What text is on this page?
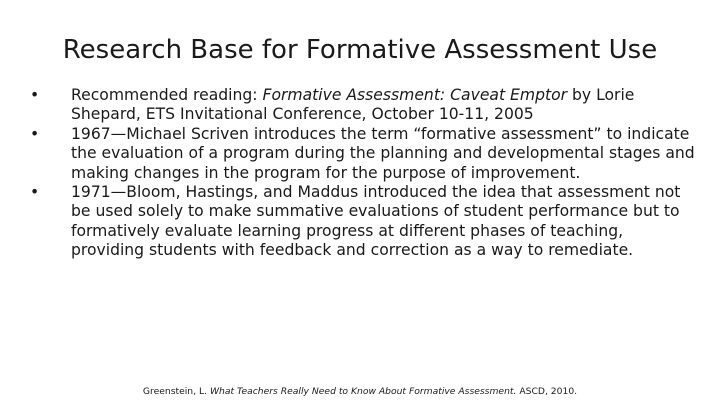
Research Base for Formative Assessment Use
• Recommended reading: Formative Assessment: Caveat Emptor by Lorie Shepard, ETS Invitational Conference, October 10-11, 2005
• 1967—Michael Scriven introduces the term “formative assessment” to indicate the evaluation of a program during the planning and developmental stages and making changes in the program for the purpose of improvement.
• 1971—Bloom, Hastings, and Maddus introduced the idea that assessment not be used solely to make summative evaluations of student performance but to formatively evaluate learning progress at different phases of teaching, providing students with feedback and correction as a way to remediate.
Greenstein, L. What Teachers Really Need to Know About Formative Assessment. ASCD, 2010.
